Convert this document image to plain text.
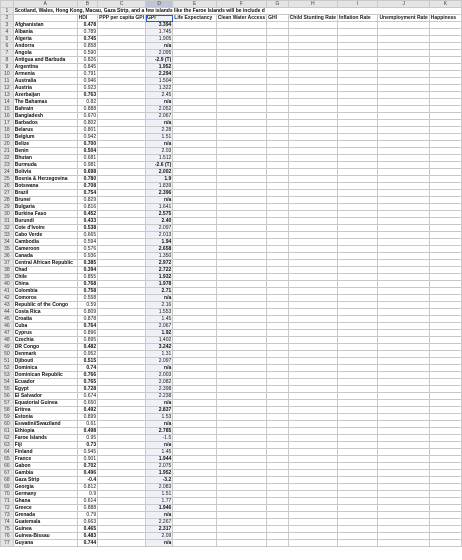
	A	B	C	D	E	F	G	H	I	J	K
1	Scotland, Wales, Hong Kong, Macau, Gaza Strip, and a few islands like the Faroe Islands will be include d										
2		HDI	PPP per capita GPI	GPI	Life Expectancy	Clean Water Access	GHI	Child Stunting Rate	Inflation Rate	Unemployment Rate	Happiness
3	Afghanistan	0.478		3.394							
4	Albania	0.789		1.745							
5	Algeria	0.745		1.905							
6	Andorra	0.858		n/a							
7	Angola	0.590		2.095							
8	Antigua and Barbuda	0.826		-2.9 (T)							
9	Argentina	0.845		1.952							
10	Armenia	0.791		2.294							
11	Australia	0.946		1.504							
12	Austria	0.923		1.322							
13	Azerbaijan	0.763		2.45							
14	The Bahamas	0.82		n/a							
15	Bahrain	0.888		2.052							
16	Bangladesh	0.670		2.067							
17	Barbados	0.802		n/a							
18	Belarus	0.801		2.28							
19	Belgium	0.942		1.51							
20	Belize	0.700		n/a							
21	Benin	0.504		2.03							
22	Bhutan	0.681		1.512							
23	Burmuda	0.981		-2.6 (T)							
24	Bolivia	0.698		2.002							
25	Bosnia & Herzegovina	0.780		1.9							
26	Botswana	0.708		1.839							
27	Brazil	0.754		2.396							
28	Brunei	0.829		n/a							
29	Bulgaria	0.816		1.641							
30	Burkina Faso	0.452		2.575							
31	Burundi	0.433		2.40							
32	Cote d'Ivoire	0.538		2.097							
33	Cabo Verde	0.665		2.013							
34	Cambodia	0.594		1.94							
35	Cameroon	0.576		2.658							
36	Canada	0.936		1.350							
37	Central African Republic	0.385		2.972							
38	Chad	0.394		2.722							
39	Chile	0.855		1.932							
40	China	0.768		1.978							
41	Colombia	0.758		2.71							
42	Comoros	0.558		n/a							
43	Republic of the Congo	0.59		2.16							
44	Costa Rica	0.809		1.553							
45	Croatia	0.878		1.45							
46	Cuba	0.764		2.067							
47	Cyprus	0.896		1.92							
48	Czechia	0.895		1.402							
49	DR Congo	0.482		3.242							
50	Denmark	0.952		1.31							
51	Djibouti	0.515		2.097							
52	Dominica	0.74		n/a							
53	Dominican Republic	0.766		2.003							
54	Ecuador	0.765		2.082							
55	Egypt	0.728		2.398							
56	El Salvador	0.674		2.238							
57	Equatorial Guinea	0.650		n/a							
58	Eritrea	0.492		2.837							
59	Estonia	0.899		1.53							
60	Eswatini/Swaziland	0.61		n/a							
61	Ethiopia	0.498		2.785							
62	Faroe Islands	0.95		-1.5							
63	Fiji	0.73		n/a							
64	Finland	0.945		1.45							
65	France	0.901		1.944							
66	Gabon	0.702		2.075							
67	Gambia	0.496		1.952							
68	Gaza Strip	-0.4		-3.2							
69	Georgia	0.812		2.083							
70	Germany	0.9		1.51							
71	Ghana	0.614		1.77							
72	Greece	0.888		1.946							
73	Grenada	0.79		n/a							
74	Guatemala	0.663		2.267							
75	Guinea	0.465		2.317							
76	Guinea-Bissau	0.483		2.09							
77	Guyana	0.744		n/a							
